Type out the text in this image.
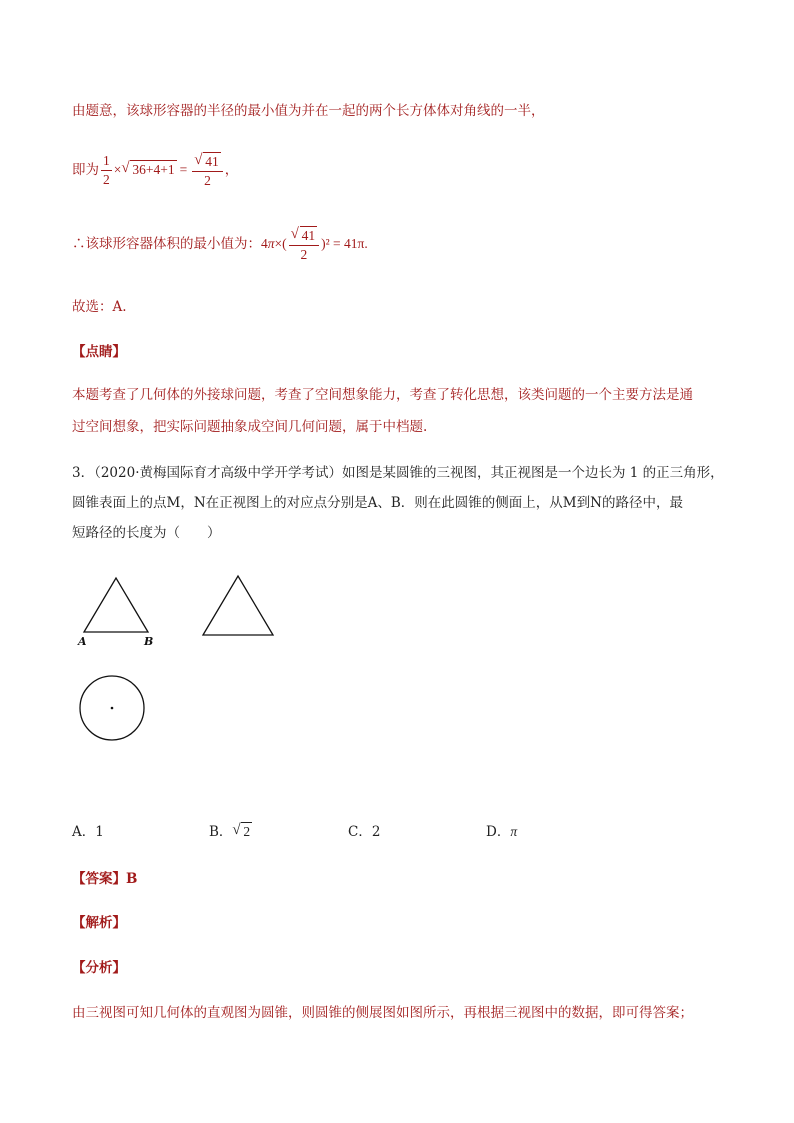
由题意，该球形容器的半径的最小值为并在一起的两个长方体体对角线的一半，
即为 $\frac{1}{2}$ × √ $36+4+1 = \frac{√ 41}{2}$ ，
∴该球形容器体积的最小值为：$4\pi\times( \frac{√ 41}{2} )^2 = 41\pi$.
故选：A.
【点睛】
本题考查了几何体的外接球问题，考查了空间想象能力，考查了转化思想，该类问题的一个主要方法是通
过空间想象，把实际问题抽象成空间几何问题，属于中档题.
3．（2020·黄梅国际育才高级中学开学考试）如图是某圆锥的三视图，其正视图是一个边长为 1 的正三角形，
圆锥表面上的点M，N在正视图上的对应点分别是A、B．则在此圆锥的侧面上，从M到N的路径中，最
短路径的长度为（　　）
A	B
A．1	B． √ 2	C．2	D．π
【答案】B
【解析】
【分析】
由三视图可知几何体的直观图为圆锥，则圆锥的侧展图如图所示，再根据三视图中的数据，即可得答案；
